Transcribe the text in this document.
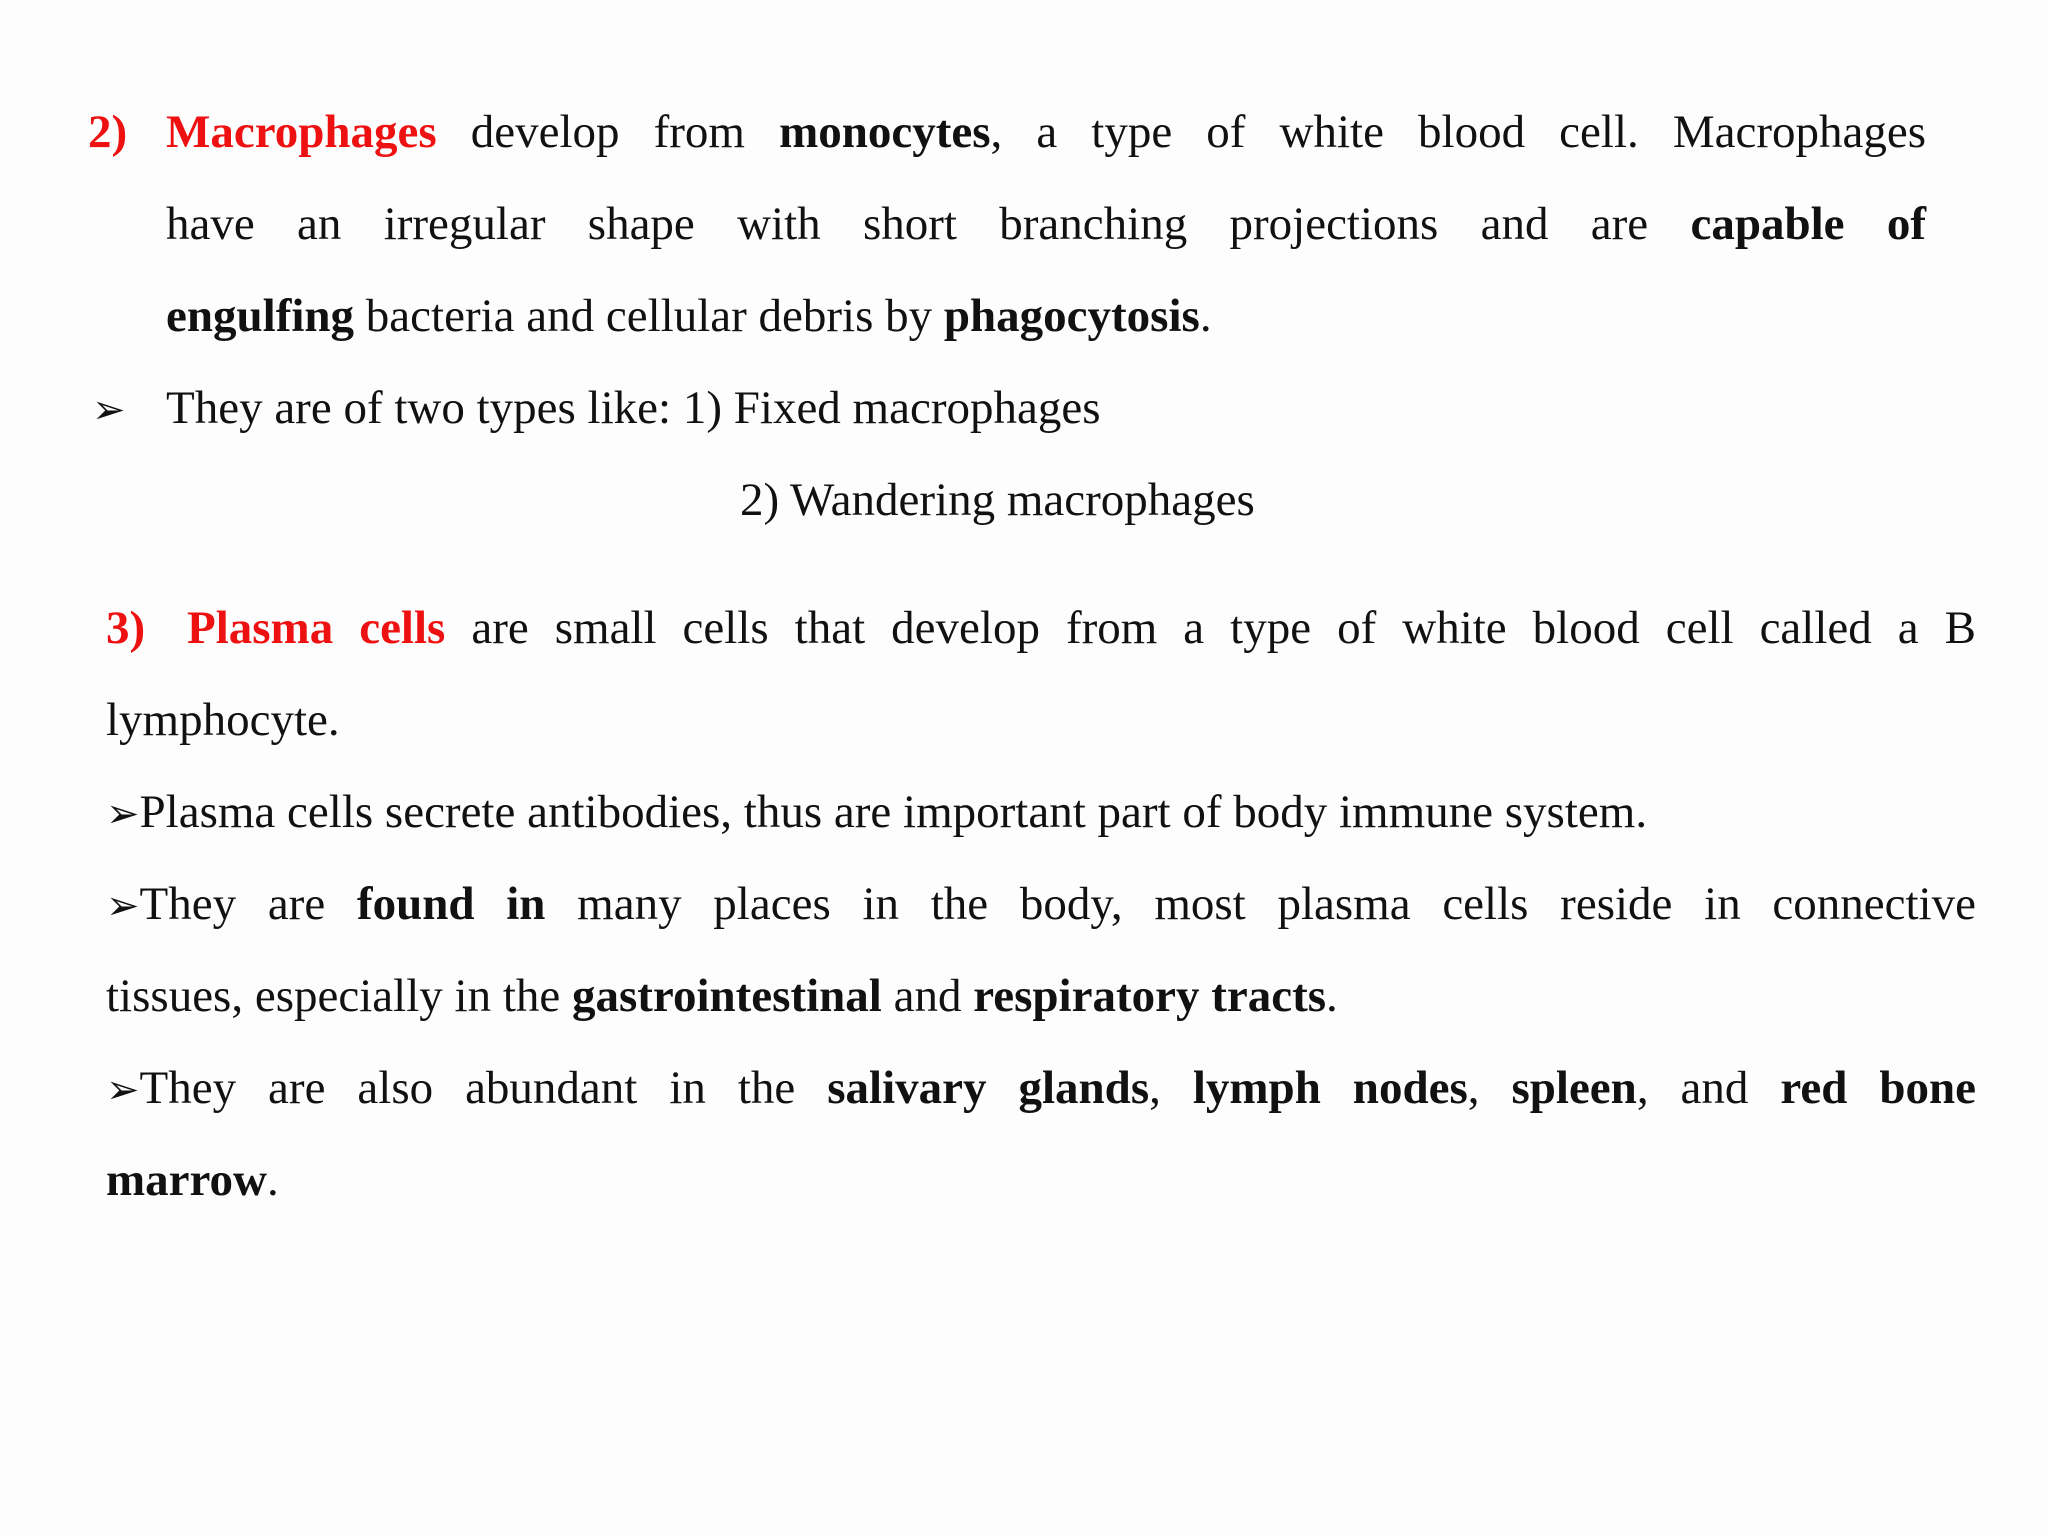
2) Macrophages develop from monocytes, a type of white blood cell. Macrophages

have an irregular shape with short branching projections and are capable of

engulfing bacteria and cellular debris by phagocytosis.

➢ They are of two types like: 1) Fixed macrophages

2) Wandering macrophages

3) Plasma cells are small cells that develop from a type of white blood cell called a B

lymphocyte.

➢Plasma cells secrete antibodies, thus are important part of body immune system.

➢They are found in many places in the body, most plasma cells reside in connective

tissues, especially in the gastrointestinal and respiratory tracts.

➢They are also abundant in the salivary glands, lymph nodes, spleen, and red bone

marrow.
